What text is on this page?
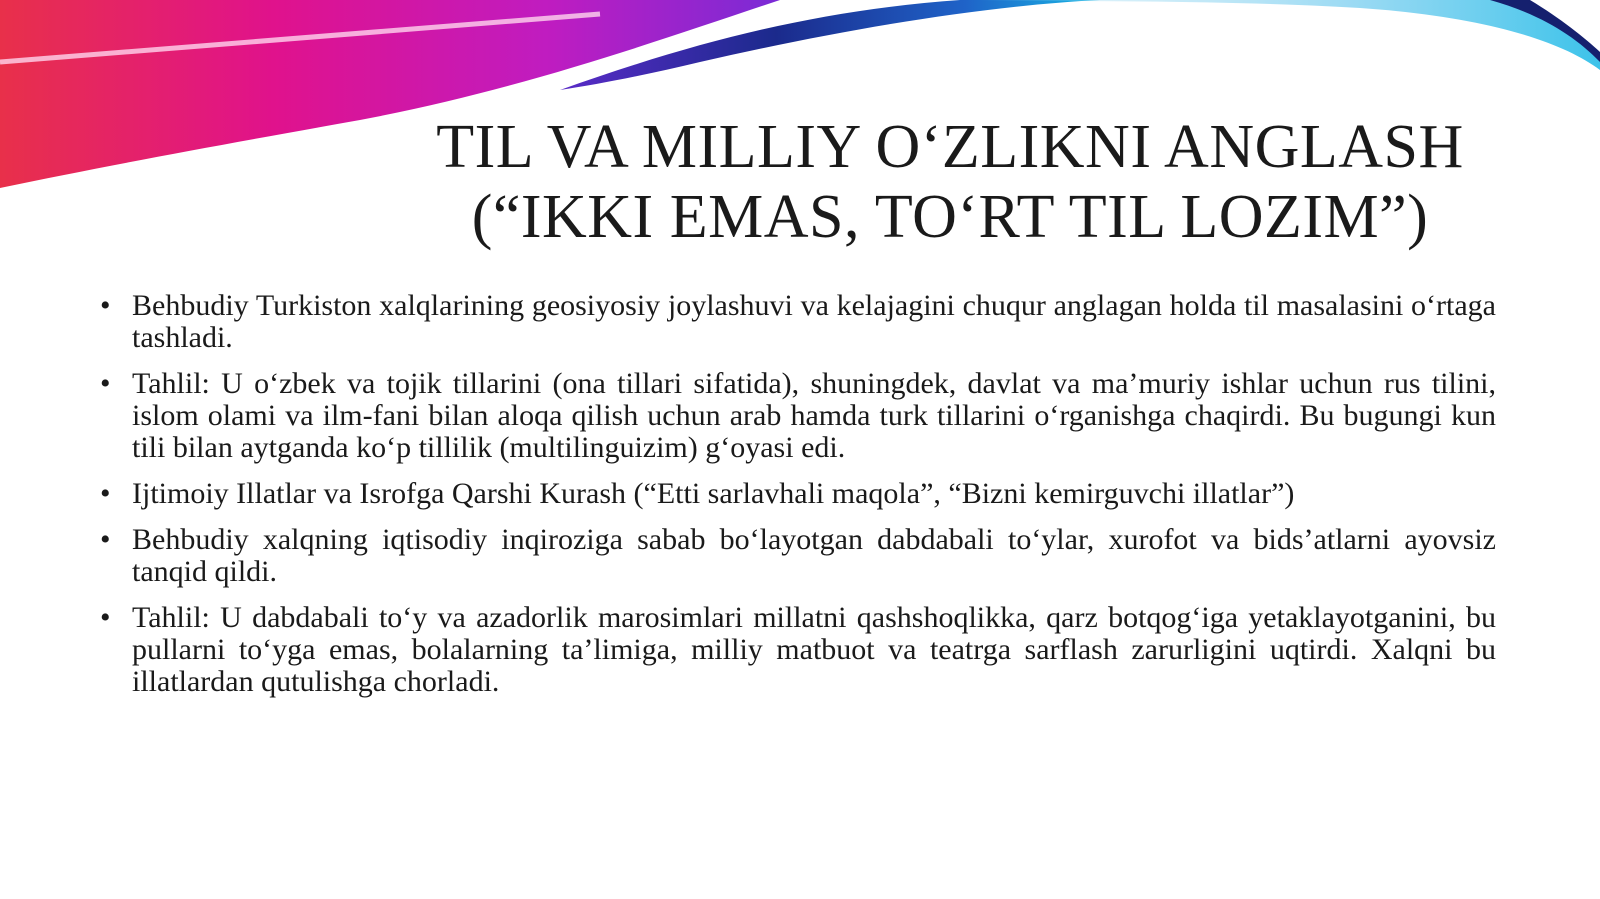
TIL VA MILLIY O‘ZLIKNI ANGLASH
(“IKKI EMAS, TO‘RT TIL LOZIM”)
• Behbudiy Turkiston xalqlarining geosiyosiy joylashuvi va kelajagini chuqur anglagan holda til masalasini o‘rtaga tashladi.
• Tahlil: U o‘zbek va tojik tillarini (ona tillari sifatida), shuningdek, davlat va ma’muriy ishlar uchun rus tilini, islom olami va ilm-fani bilan aloqa qilish uchun arab hamda turk tillarini o‘rganishga chaqirdi. Bu bugungi kun tili bilan aytganda ko‘p tillilik (multilinguizim) g‘oyasi edi.
• Ijtimoiy Illatlar va Isrofga Qarshi Kurash (“Etti sarlavhali maqola”, “Bizni kemirguvchi illatlar”)
• Behbudiy xalqning iqtisodiy inqiroziga sabab bo‘layotgan dabdabali to‘ylar, xurofot va bids’atlarni ayovsiz tanqid qildi.
• Tahlil: U dabdabali to‘y va azadorlik marosimlari millatni qashshoqlikka, qarz botqog‘iga yetaklayotganini, bu pullarni to‘yga emas, bolalarning ta’limiga, milliy matbuot va teatrga sarflash zarurligini uqtirdi. Xalqni bu illatlardan qutulishga chorladi.
